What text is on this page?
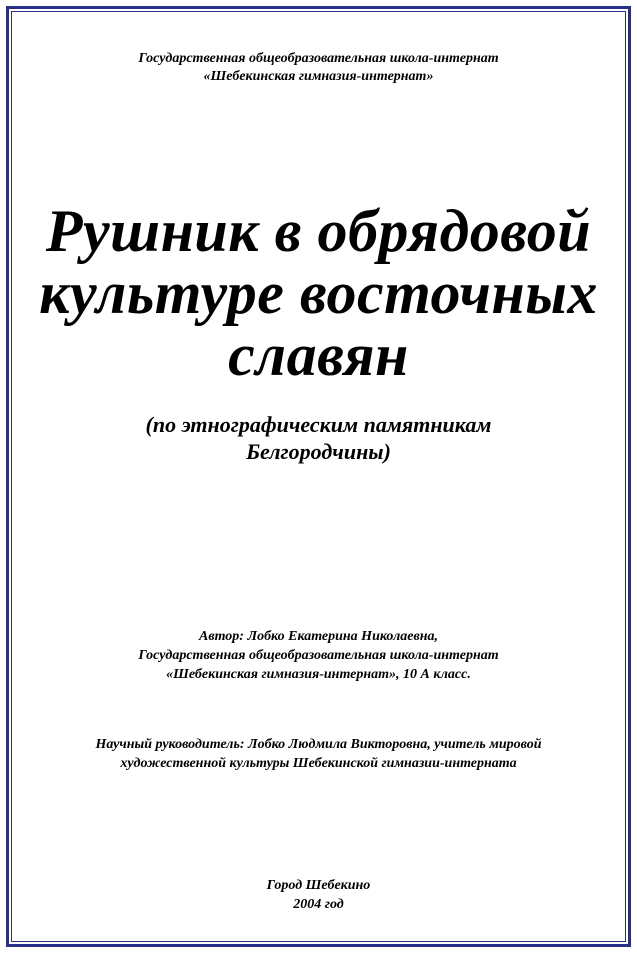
Государственная общеобразовательная школа-интернат
«Шебекинская гимназия-интернат»
Рушник в обрядовой
культуре восточных
славян
(по этнографическим памятникам
Белгородчины)
Автор: Лобко Екатерина Николаевна,
Государственная общеобразовательная школа-интернат
«Шебекинская гимназия-интернат», 10 А класс.
Научный руководитель: Лобко Людмила Викторовна, учитель мировой
художественной культуры Шебекинской гимназии-интерната
Город Шебекино
2004 год
